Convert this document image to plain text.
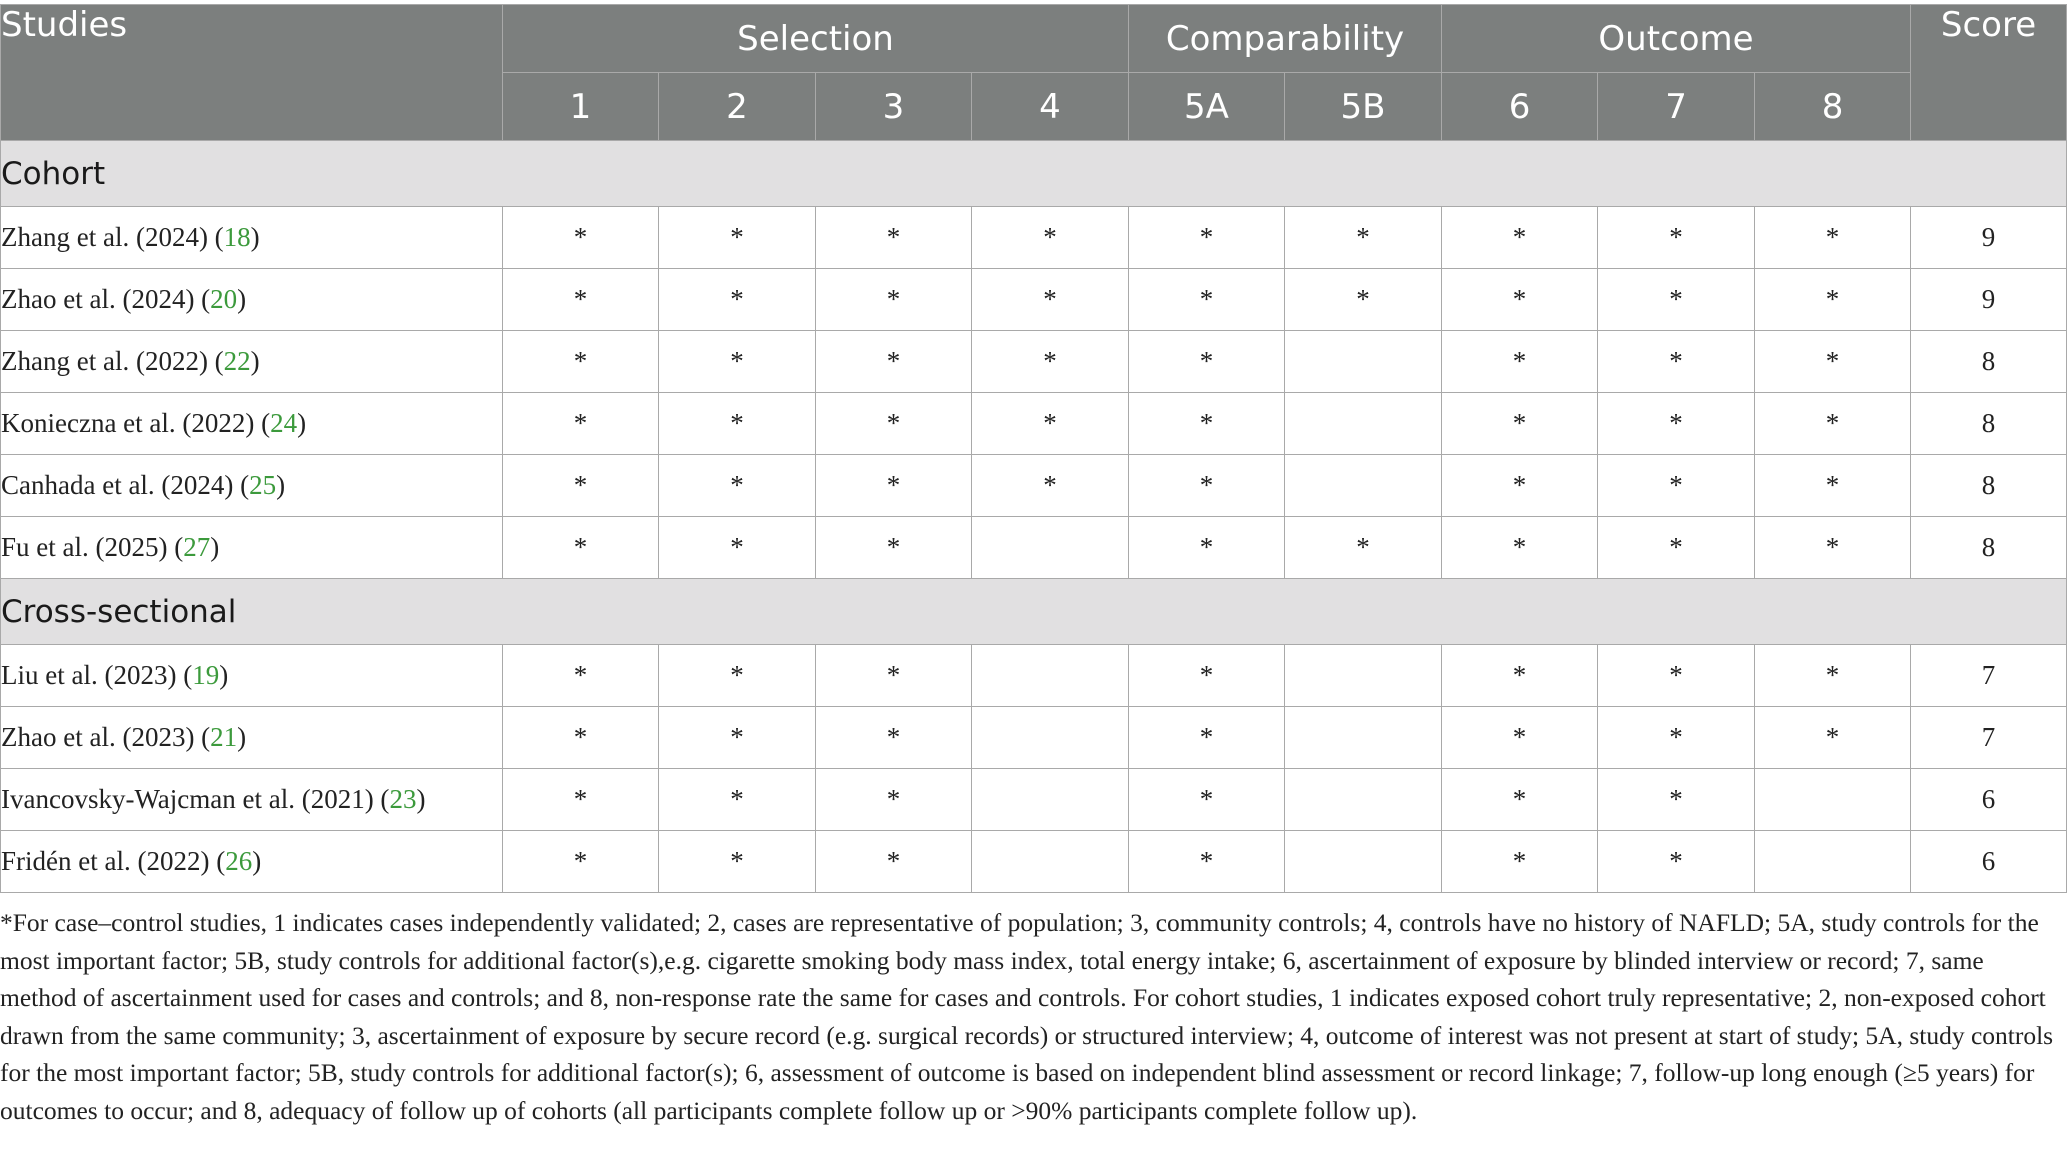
Studies	Selection				Comparability		Outcome			Score
	1	2	3	4	5A	5B	6	7	8	
Cohort										
Zhang et al. (2024) (18)	*	*	*	*	*	*	*	*	*	9
Zhao et al. (2024) (20)	*	*	*	*	*	*	*	*	*	9
Zhang et al. (2022) (22)	*	*	*	*	*		*	*	*	8
Konieczna et al. (2022) (24)	*	*	*	*	*		*	*	*	8
Canhada et al. (2024) (25)	*	*	*	*	*		*	*	*	8
Fu et al. (2025) (27)	*	*	*		*	*	*	*	*	8
Cross-sectional										
Liu et al. (2023) (19)	*	*	*		*		*	*	*	7
Zhao et al. (2023) (21)	*	*	*		*		*	*	*	7
Ivancovsky-Wajcman et al. (2021) (23)	*	*	*		*		*	*		6
Fridén et al. (2022) (26)	*	*	*		*		*	*		6

*For case–control studies, 1 indicates cases independently validated; 2, cases are representative of population; 3, community controls; 4, controls have no history of NAFLD; 5A, study controls for the most important factor; 5B, study controls for additional factor(s),e.g. cigarette smoking body mass index, total energy intake; 6, ascertainment of exposure by blinded interview or record; 7, same method of ascertainment used for cases and controls; and 8, non-response rate the same for cases and controls. For cohort studies, 1 indicates exposed cohort truly representative; 2, non-exposed cohort drawn from the same community; 3, ascertainment of exposure by secure record (e.g. surgical records) or structured interview; 4, outcome of interest was not present at start of study; 5A, study controls for the most important factor; 5B, study controls for additional factor(s); 6, assessment of outcome is based on independent blind assessment or record linkage; 7, follow-up long enough (≥5 years) for outcomes to occur; and 8, adequacy of follow up of cohorts (all participants complete follow up or >90% participants complete follow up).
